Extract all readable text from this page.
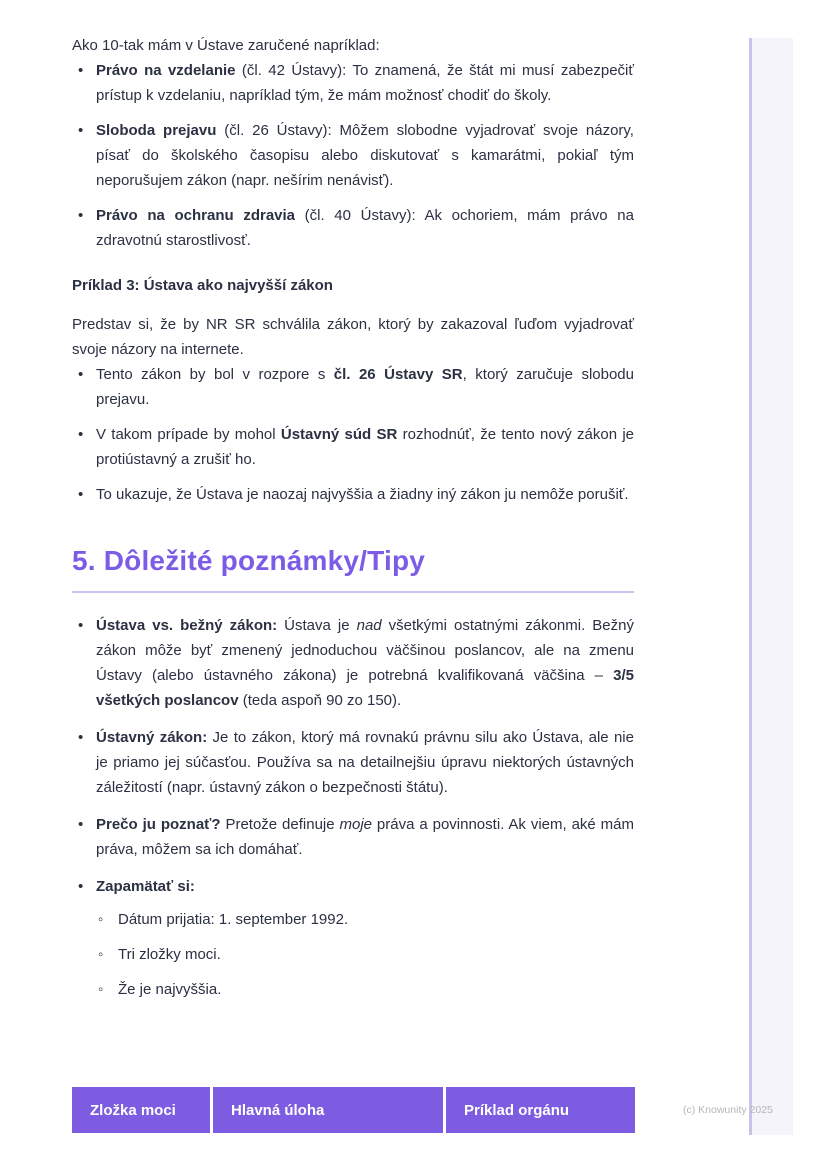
Ako 10-tak mám v Ústave zaručené napríklad:

• Právo na vzdelanie (čl. 42 Ústavy): To znamená, že štát mi musí zabezpečiť prístup k vzdelaniu, napríklad tým, že mám možnosť chodiť do školy.
• Sloboda prejavu (čl. 26 Ústavy): Môžem slobodne vyjadrovať svoje názory, písať do školského časopisu alebo diskutovať s kamarátmi, pokiaľ tým neporušujem zákon (napr. nešírim nenávisť).
• Právo na ochranu zdravia (čl. 40 Ústavy): Ak ochoriem, mám právo na zdravotnú starostlivosť.

Príklad 3: Ústava ako najvyšší zákon

Predstav si, že by NR SR schválila zákon, ktorý by zakazoval ľuďom vyjadrovať svoje názory na internete.

• Tento zákon by bol v rozpore s čl. 26 Ústavy SR, ktorý zaručuje slobodu prejavu.
• V takom prípade by mohol Ústavný súd SR rozhodnúť, že tento nový zákon je protiústavný a zrušiť ho.
• To ukazuje, že Ústava je naozaj najvyššia a žiadny iný zákon ju nemôže porušiť.
5. Dôležité poznámky/Tipy
• Ústava vs. bežný zákon: Ústava je nad všetkými ostatnými zákonmi. Bežný zákon môže byť zmenený jednoduchou väčšinou poslancov, ale na zmenu Ústavy (alebo ústavného zákona) je potrebná kvalifikovaná väčšina – 3/5 všetkých poslancov (teda aspoň 90 zo 150).
• Ústavný zákon: Je to zákon, ktorý má rovnakú právnu silu ako Ústava, ale nie je priamo jej súčasťou. Používa sa na detailnejšiu úpravu niektorých ústavných záležitostí (napr. ústavný zákon o bezpečnosti štátu).
• Prečo ju poznať? Pretože definuje moje práva a povinnosti. Ak viem, aké mám práva, môžem sa ich domáhať.
• Zapamätať si:
◦ Dátum prijatia: 1. september 1992.
◦ Tri zložky moci.
◦ Že je najvyššia.
Zložka moci	Hlavná úloha	Príklad orgánu	(c) Knowunity 2025
